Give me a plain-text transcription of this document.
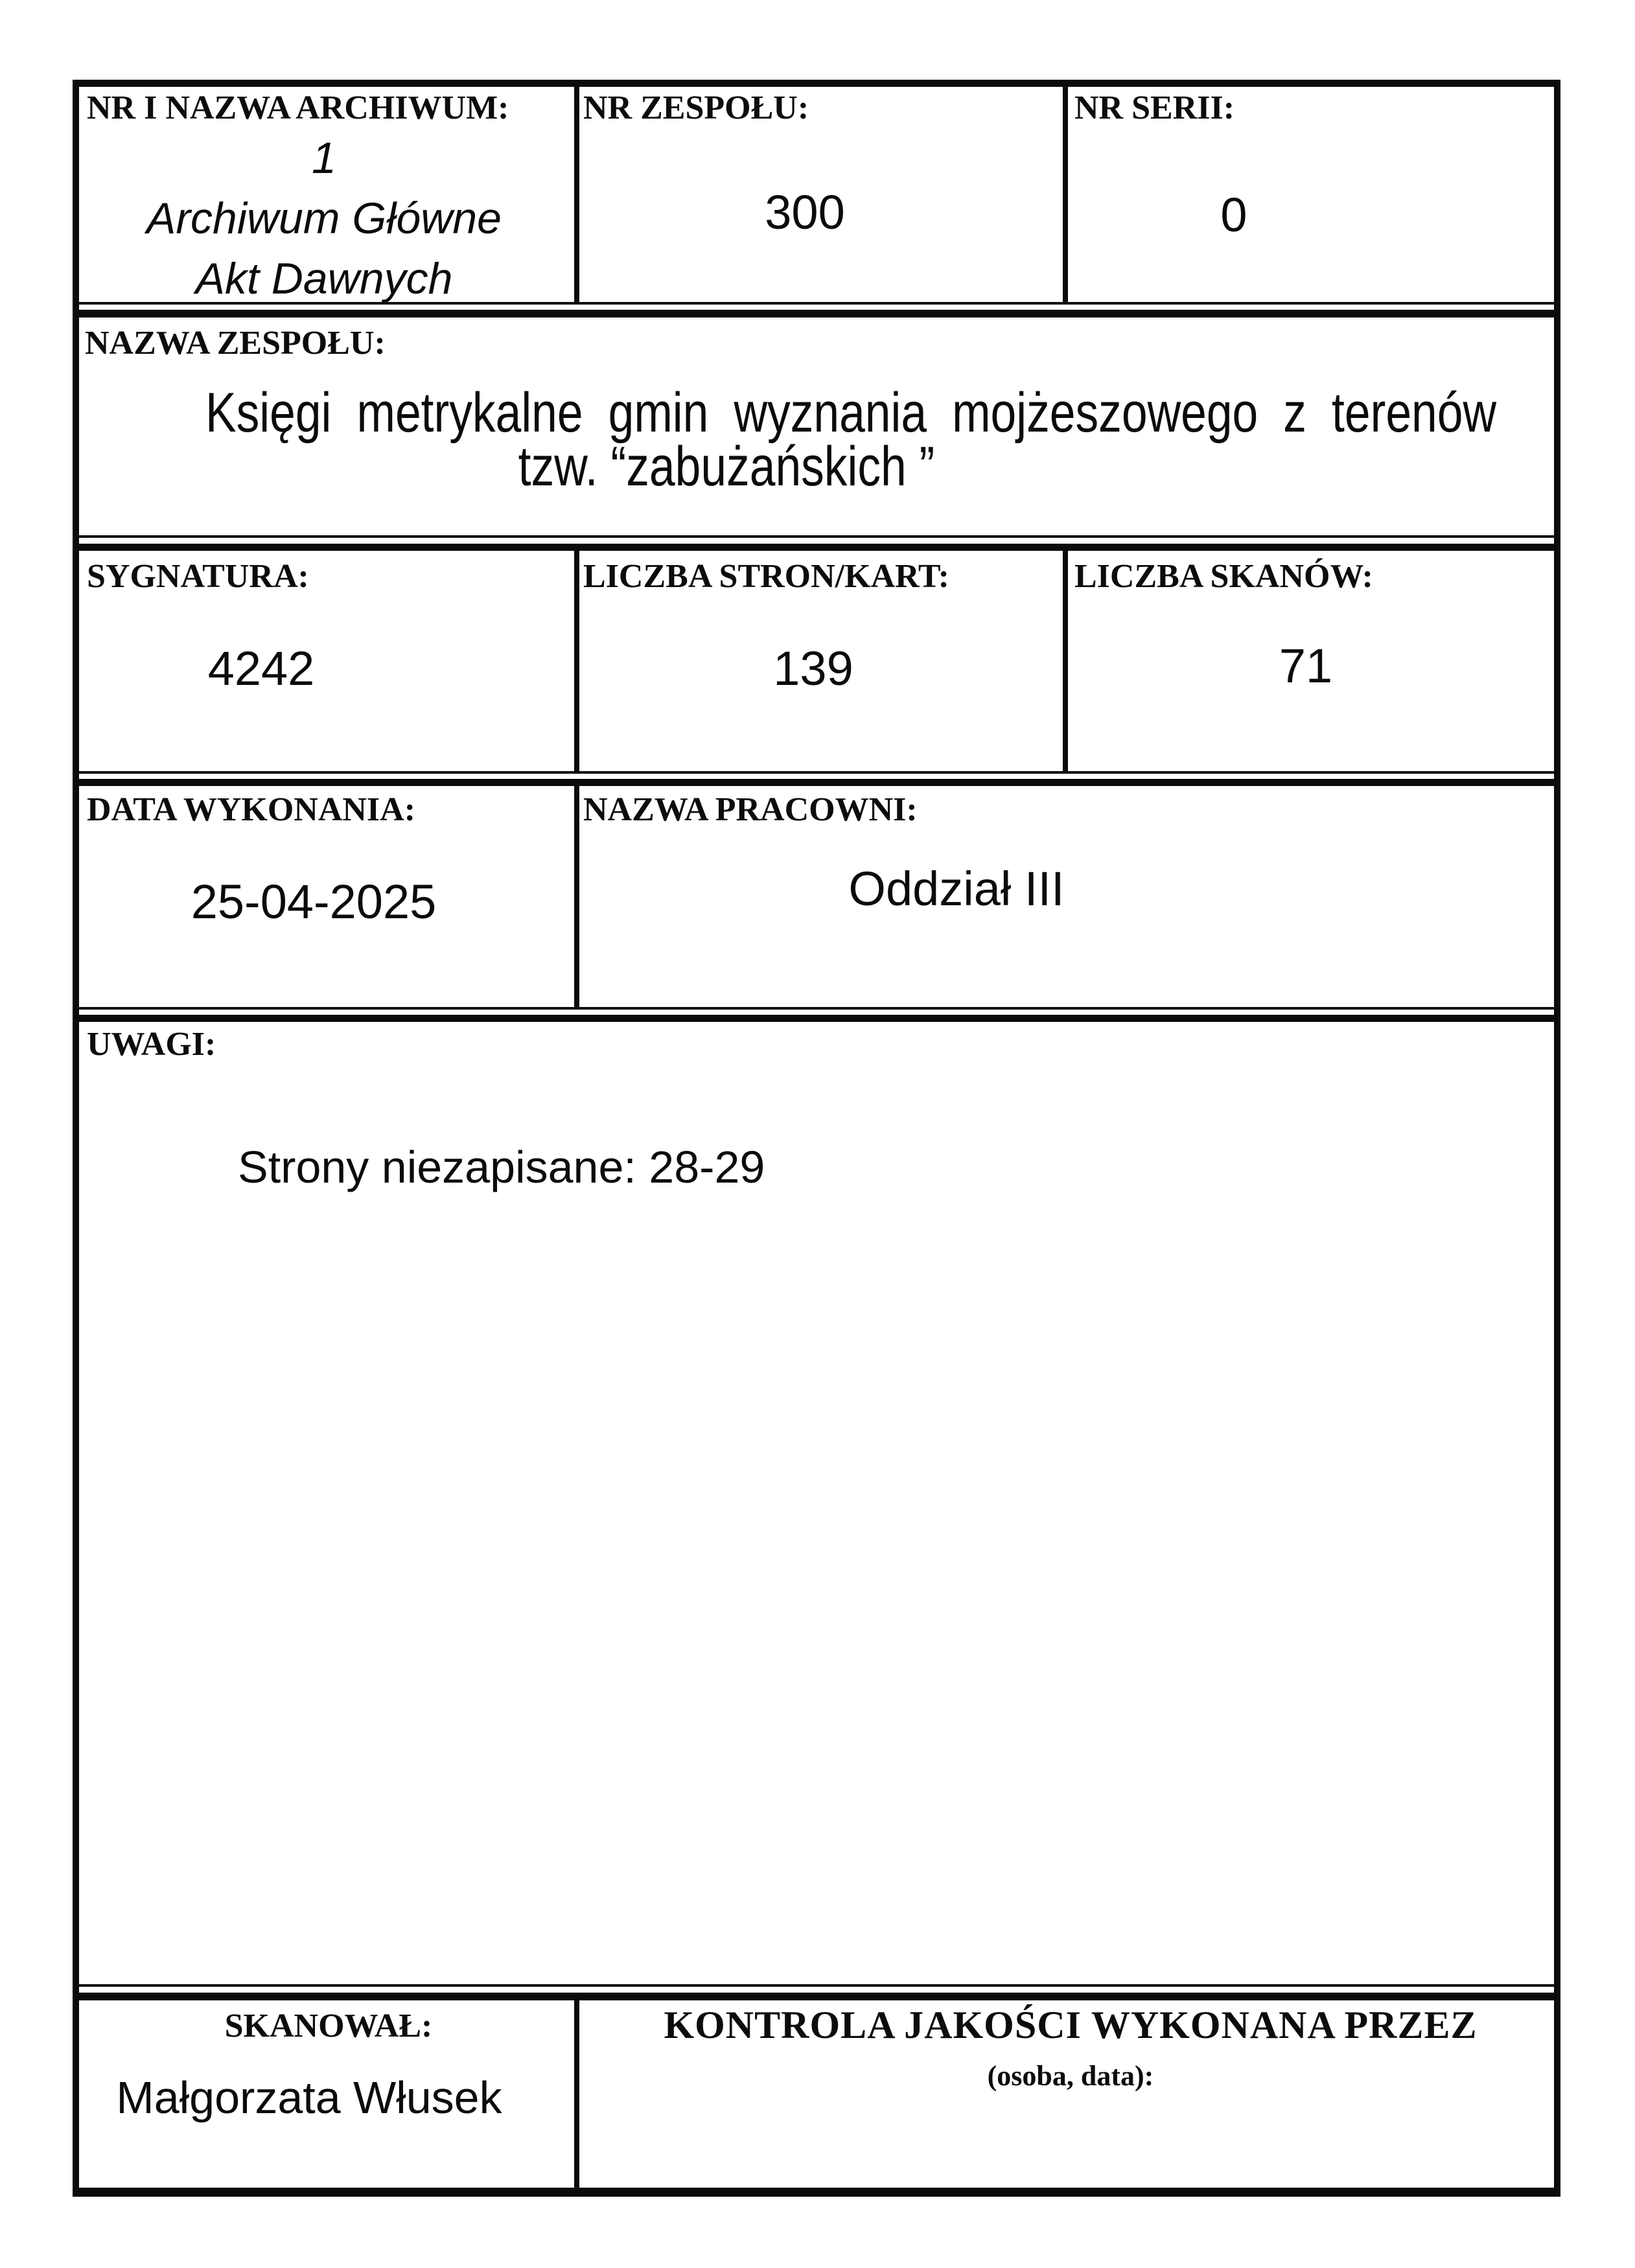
NR I NAZWA ARCHIWUM:
1
Archiwum Główne
Akt Dawnych
NR ZESPOŁU:
300
NR SERII:
0
NAZWA ZESPOŁU:
Księgi metrykalne gmin wyznania mojżeszowego z terenów
tzw. “zabużańskich ”
SYGNATURA:
4242
LICZBA STRON/KART:
139
LICZBA SKANÓW:
71
DATA WYKONANIA:
25-04-2025
NAZWA PRACOWNI:
Oddział III
UWAGI:
Strony niezapisane: 28-29
SKANOWAŁ:
Małgorzata Włusek
KONTROLA JAKOŚCI WYKONANA PRZEZ
(osoba, data):
